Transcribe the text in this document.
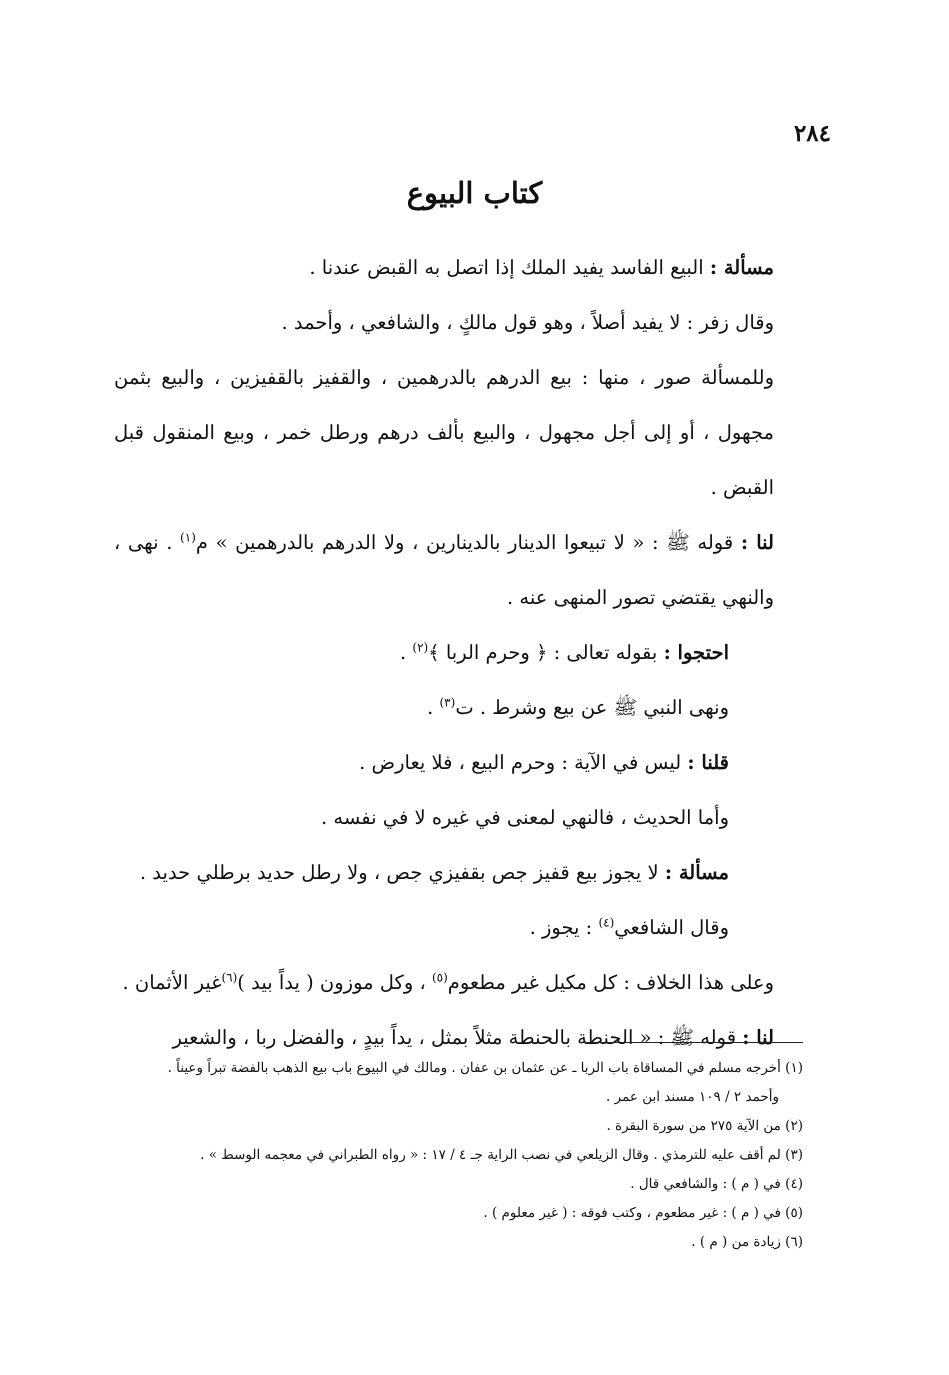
٢٨٤
كتاب البيوع

مسألة : البيع الفاسد يفيد الملك إذا اتصل به القبض عندنا .

وقال زفر : لا يفيد أصلاً ، وهو قول مالكٍ ، والشافعي ، وأحمد .

وللمسألة صور ، منها : بيع الدرهم بالدرهمين ، والقفيز بالقفيزين ، والبيع بثمن مجهول ، أو إلى أجل مجهول ، والبيع بألف درهم ورطل خمر ، وبيع المنقول قبل القبض .

لنا : قوله ﷺ : « لا تبيعوا الدينار بالدينارين ، ولا الدرهم بالدرهمين » م$^{(١)}$ . نهى ، والنهي يقتضي تصور المنهى عنه .

احتجوا : بقوله تعالى : ﴿ وحرم الربا ﴾$^{(٢)}$ .

ونهى النبي ﷺ عن بيع وشرط . ت$^{(٣)}$ .

قلنا : ليس في الآية : وحرم البيع ، فلا يعارض .

وأما الحديث ، فالنهي لمعنى في غيره لا في نفسه .

مسألة : لا يجوز بيع قفيز جص بقفيزي جص ، ولا رطل حديد برطلي حديد .

وقال الشافعي$^{(٤)}$ : يجوز .

وعلى هذا الخلاف : كل مكيل غير مطعوم$^{(٥)}$ ، وكل موزون ( يداً بيد )$^{(٦)}$غير الأثمان .

لنا : قوله ﷺ : « الحنطة بالحنطة مثلاً بمثل ، يداً بيدٍ ، والفضل ربا ، والشعير

(١) أخرجه مسلم في المساقاة باب الربا ـ عن عثمان بن عفان . ومالك في البيوع باب بيع الذهب بالفضة تبراً وعيناً .

وأحمد ٢ / ١٠٩ مسند ابن عمر .

(٢) من الآية ٢٧٥ من سورة البقرة .

(٣) لم أقف عليه للترمذي . وقال الزيلعي في نصب الراية جـ ٤ / ١٧ : « رواه الطبراني في معجمه الوسط » .

(٤) في ( م ) : والشافعي قال .

(٥) في ( م ) : غير مطعوم ، وكتب فوقه : ( غير معلوم ) .

(٦) زيادة من ( م ) .
